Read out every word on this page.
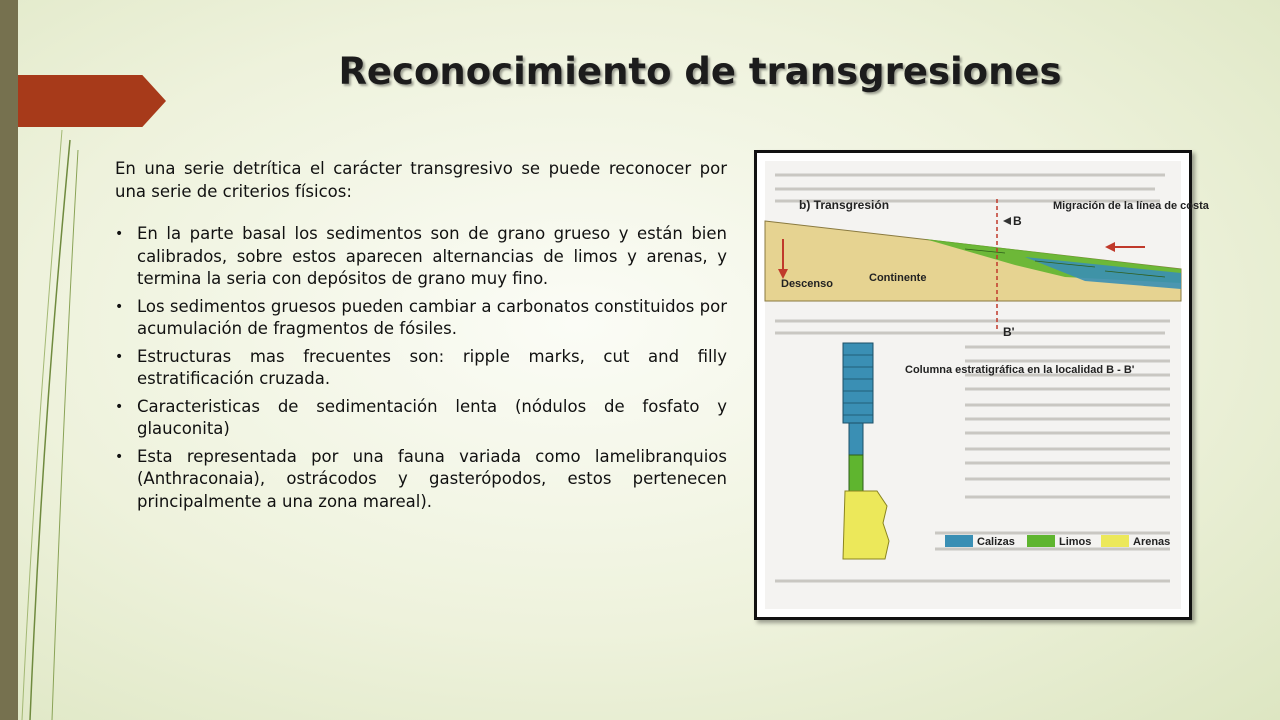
Reconocimiento de transgresiones

En una serie detrítica el carácter transgresivo se puede reconocer por una serie de criterios físicos:

• En la parte basal los sedimentos son de grano grueso y están bien calibrados, sobre estos aparecen alternancias de limos y arenas, y termina la seria con depósitos de grano muy fino.
• Los sedimentos gruesos pueden cambiar a carbonatos constituidos por acumulación de fragmentos de fósiles.
• Estructuras mas frecuentes son: ripple marks, cut and filly estratificación cruzada.
• Caracteristicas de sedimentación lenta (nódulos de fosfato y glauconita)
• Esta representada por una fauna variada como lamelibranquios (Anthraconaia), ostrácodos y gasterópodos, estos pertenecen principalmente a una zona mareal).
b) Transgresión
B
B'
Migración de la línea de costa
Descenso	Continente
Columna estratigráfica en la localidad B - B'
Calizas	Limos	Arenas
